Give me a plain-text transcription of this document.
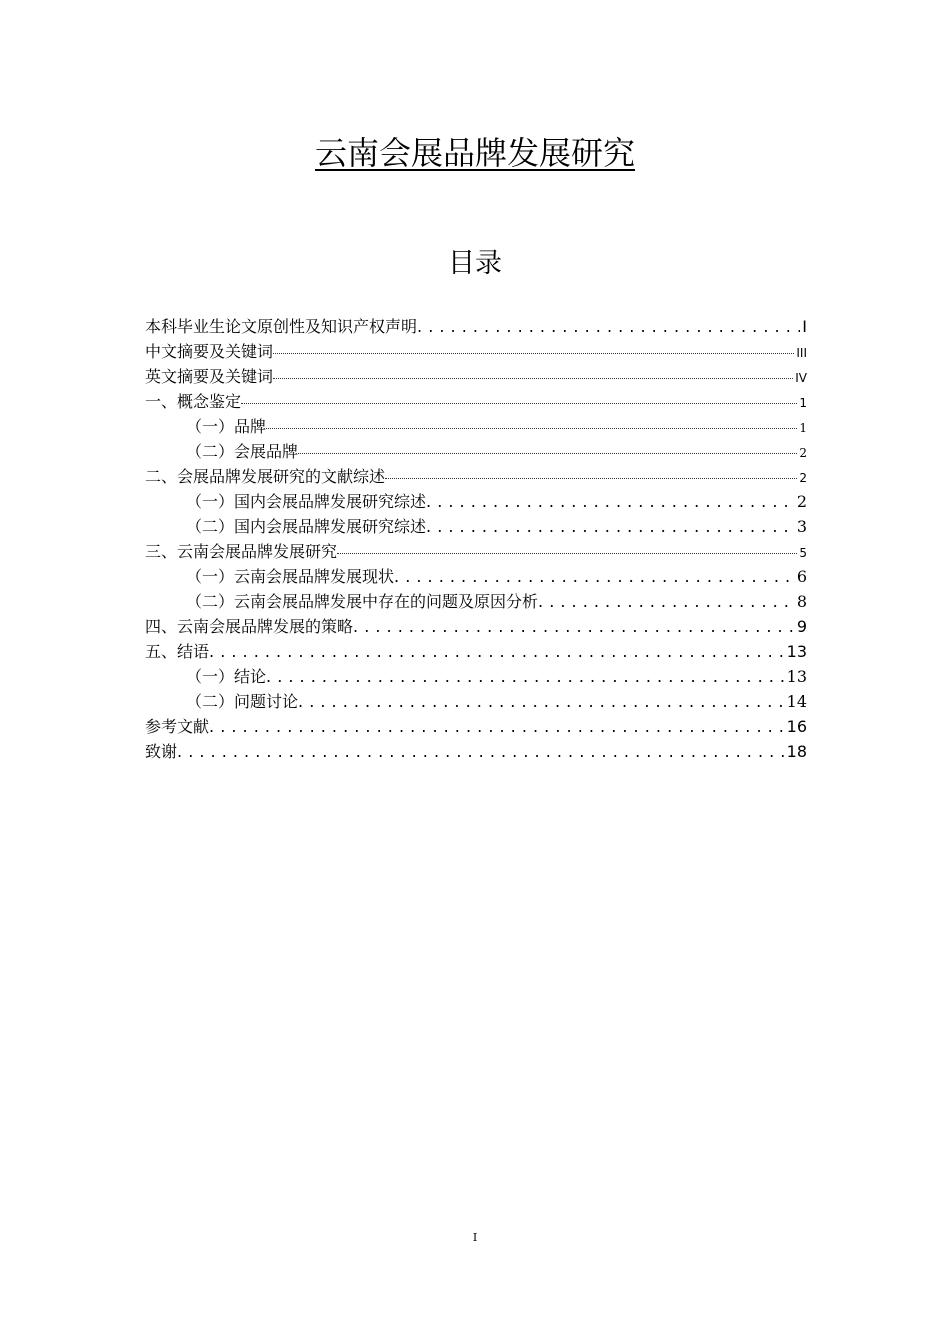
云南会展品牌发展研究
目录
本科毕业生论文原创性及知识产权声明 . . .	I
中文摘要及关键词	III
英文摘要及关键词	IV
一、概念鉴定	1
（一）品牌	1
（二）会展品牌	2
二、会展品牌发展研究的文献综述	2
（一）国内会展品牌发展研究综述 . . .	2
（二）国内会展品牌发展研究综述 . . .	3
三、云南会展品牌发展研究	5
（一）云南会展品牌发展现状 . . .	6
（二）云南会展品牌发展中存在的问题及原因分析 . . .	8
四、云南会展品牌发展的策略 . . .	9
五、结语 . . .	13
（一）结论 . . .	13
（二）问题讨论 . . .	14
参考文献 . . .	16
致谢 . . .	18
I
